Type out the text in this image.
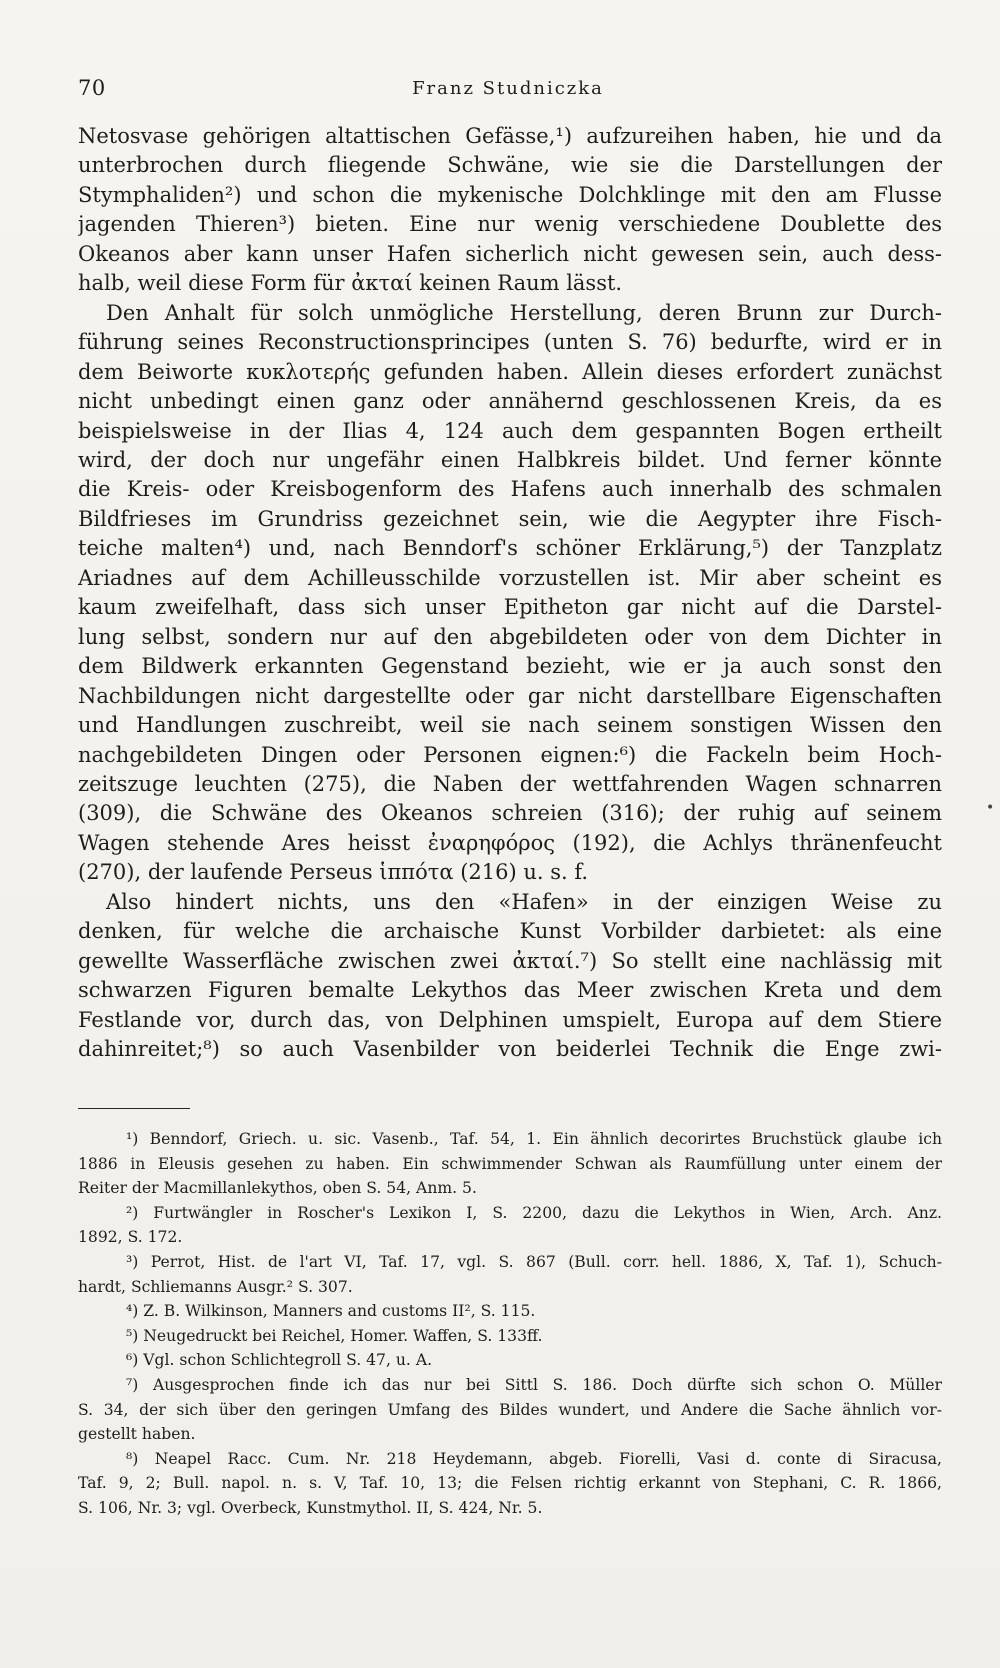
70	Franz Studniczka
Netosvase gehörigen altattischen Gefässe,¹) aufzureihen haben, hie und da
unterbrochen durch fliegende Schwäne, wie sie die Darstellungen der
Stymphaliden²) und schon die mykenische Dolchklinge mit den am Flusse
jagenden Thieren³) bieten. Eine nur wenig verschiedene Doublette des
Okeanos aber kann unser Hafen sicherlich nicht gewesen sein, auch dess-
halb, weil diese Form für ἀκταί keinen Raum lässt.
Den Anhalt für solch unmögliche Herstellung, deren Brunn zur Durch-
führung seines Reconstructionsprincipes (unten S. 76) bedurfte, wird er in
dem Beiworte κυκλοτερής gefunden haben. Allein dieses erfordert zunächst
nicht unbedingt einen ganz oder annähernd geschlossenen Kreis, da es
beispielsweise in der Ilias 4, 124 auch dem gespannten Bogen ertheilt
wird, der doch nur ungefähr einen Halbkreis bildet. Und ferner könnte
die Kreis- oder Kreisbogenform des Hafens auch innerhalb des schmalen
Bildfrieses im Grundriss gezeichnet sein, wie die Aegypter ihre Fisch-
teiche malten⁴) und, nach Benndorf's schöner Erklärung,⁵) der Tanzplatz
Ariadnes auf dem Achilleusschilde vorzustellen ist. Mir aber scheint es
kaum zweifelhaft, dass sich unser Epitheton gar nicht auf die Darstel-
lung selbst, sondern nur auf den abgebildeten oder von dem Dichter in
dem Bildwerk erkannten Gegenstand bezieht, wie er ja auch sonst den
Nachbildungen nicht dargestellte oder gar nicht darstellbare Eigenschaften
und Handlungen zuschreibt, weil sie nach seinem sonstigen Wissen den
nachgebildeten Dingen oder Personen eignen:⁶) die Fackeln beim Hoch-
zeitszuge leuchten (275), die Naben der wettfahrenden Wagen schnarren
(309), die Schwäne des Okeanos schreien (316); der ruhig auf seinem
Wagen stehende Ares heisst ἐναρηφόρος (192), die Achlys thränenfeucht
(270), der laufende Perseus ἱππότα (216) u. s. f.
Also hindert nichts, uns den «Hafen» in der einzigen Weise zu
denken, für welche die archaische Kunst Vorbilder darbietet: als eine
gewellte Wasserfläche zwischen zwei ἀκταί.⁷) So stellt eine nachlässig mit
schwarzen Figuren bemalte Lekythos das Meer zwischen Kreta und dem
Festlande vor, durch das, von Delphinen umspielt, Europa auf dem Stiere
dahinreitet;⁸) so auch Vasenbilder von beiderlei Technik die Enge zwi-
¹) Benndorf, Griech. u. sic. Vasenb., Taf. 54, 1. Ein ähnlich decorirtes Bruchstück glaube ich
1886 in Eleusis gesehen zu haben. Ein schwimmender Schwan als Raumfüllung unter einem der
Reiter der Macmillanlekythos, oben S. 54, Anm. 5.
²) Furtwängler in Roscher's Lexikon I, S. 2200, dazu die Lekythos in Wien, Arch. Anz.
1892, S. 172.
³) Perrot, Hist. de l'art VI, Taf. 17, vgl. S. 867 (Bull. corr. hell. 1886, X, Taf. 1), Schuch-
hardt, Schliemanns Ausgr.² S. 307.
⁴) Z. B. Wilkinson, Manners and customs II², S. 115.
⁵) Neugedruckt bei Reichel, Homer. Waffen, S. 133ff.
⁶) Vgl. schon Schlichtegroll S. 47, u. A.
⁷) Ausgesprochen finde ich das nur bei Sittl S. 186. Doch dürfte sich schon O. Müller
S. 34, der sich über den geringen Umfang des Bildes wundert, und Andere die Sache ähnlich vor-
gestellt haben.
⁸) Neapel Racc. Cum. Nr. 218 Heydemann, abgeb. Fiorelli, Vasi d. conte di Siracusa,
Taf. 9, 2; Bull. napol. n. s. V, Taf. 10, 13; die Felsen richtig erkannt von Stephani, C. R. 1866,
S. 106, Nr. 3; vgl. Overbeck, Kunstmythol. II, S. 424, Nr. 5.
•
